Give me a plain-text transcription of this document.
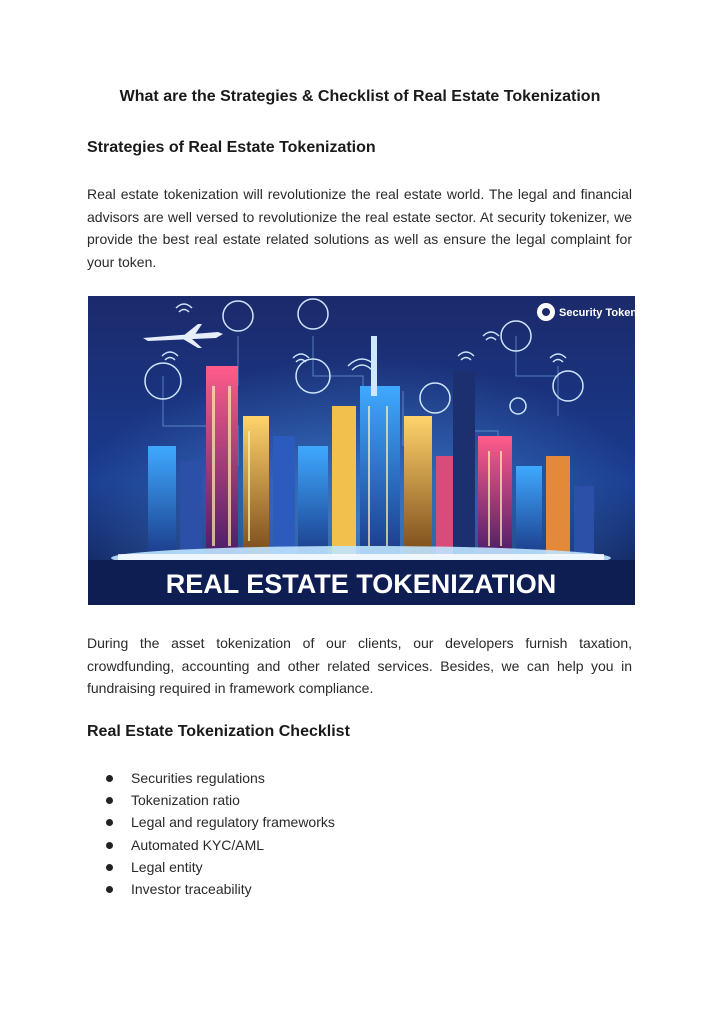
What are the Strategies & Checklist of Real Estate Tokenization
Strategies of Real Estate Tokenization
Real estate tokenization will revolutionize the real estate world. The legal and financial advisors are well versed to revolutionize the real estate sector. At security tokenizer, we provide the best real estate related solutions as well as ensure the legal complaint for your token.
Security Tokenizer
REAL ESTATE TOKENIZATION
During the asset tokenization of our clients, our developers furnish taxation, crowdfunding, accounting and other related services. Besides, we can help you in fundraising required in framework compliance.
Real Estate Tokenization Checklist
Securities regulations
Tokenization ratio
Legal and regulatory frameworks
Automated KYC/AML
Legal entity
Investor traceability
